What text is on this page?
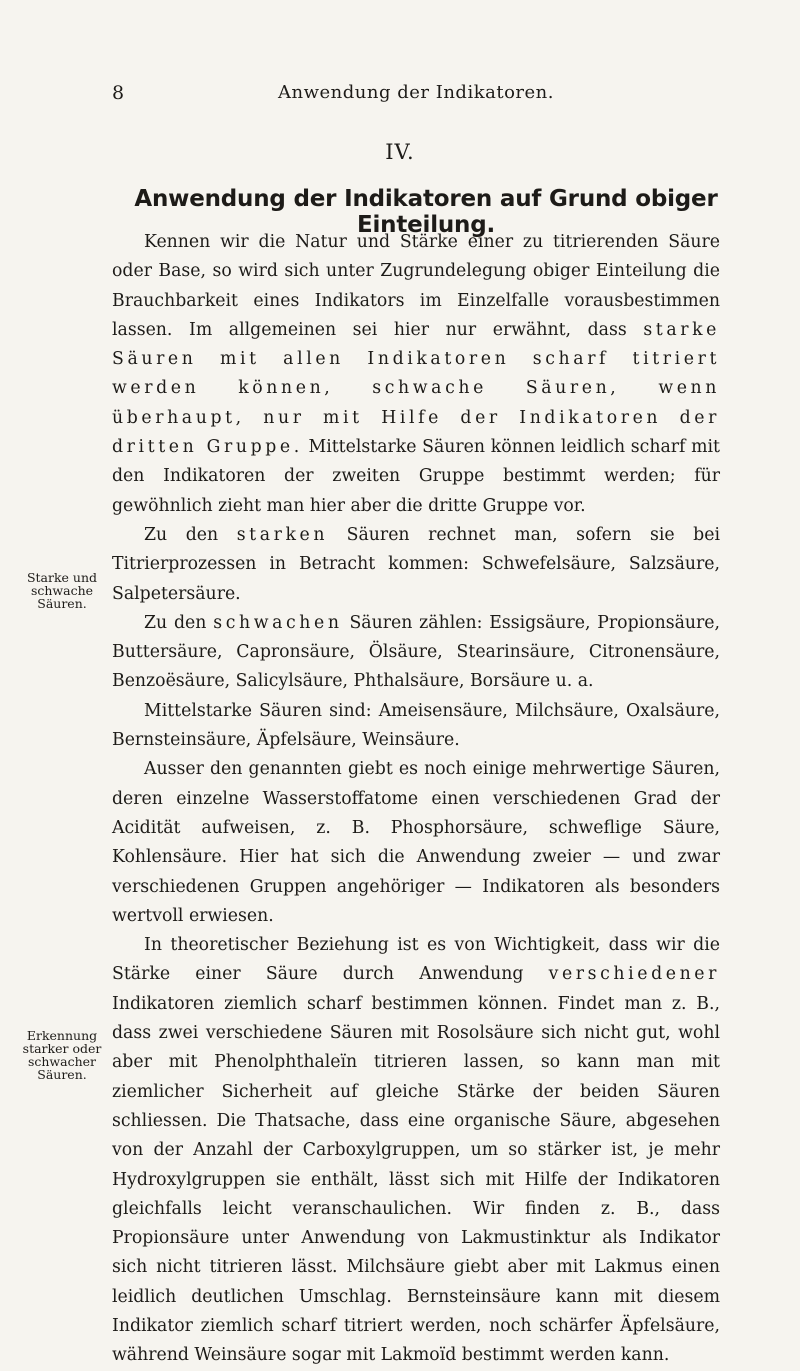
8	Anwendung der Indikatoren.
IV.
Anwendung der Indikatoren auf Grund obiger Einteilung.
Starke und schwache Säuren.
Erkennung starker oder schwacher Säuren.

Kennen wir die Natur und Stärke einer zu titrierenden Säure oder Base, so wird sich unter Zugrundelegung obiger Einteilung die Brauchbarkeit eines Indikators im Einzelfalle vorausbestimmen lassen. Im allgemeinen sei hier nur erwähnt, dass starke Säuren mit allen Indikatoren scharf titriert werden können, schwache Säuren, wenn überhaupt, nur mit Hilfe der Indikatoren der dritten Gruppe. Mittelstarke Säuren können leidlich scharf mit den Indikatoren der zweiten Gruppe bestimmt werden; für gewöhnlich zieht man hier aber die dritte Gruppe vor.

Zu den starken Säuren rechnet man, sofern sie bei Titrierprozessen in Betracht kommen: Schwefelsäure, Salzsäure, Salpetersäure.

Zu den schwachen Säuren zählen: Essigsäure, Propionsäure, Buttersäure, Capronsäure, Ölsäure, Stearinsäure, Citronensäure, Benzoësäure, Salicylsäure, Phthalsäure, Borsäure u. a.

Mittelstarke Säuren sind: Ameisensäure, Milchsäure, Oxalsäure, Bernsteinsäure, Äpfelsäure, Weinsäure.

Ausser den genannten giebt es noch einige mehrwertige Säuren, deren einzelne Wasserstoffatome einen verschiedenen Grad der Acidität aufweisen, z. B. Phosphorsäure, schweflige Säure, Kohlensäure. Hier hat sich die Anwendung zweier — und zwar verschiedenen Gruppen angehöriger — Indikatoren als besonders wertvoll erwiesen.

In theoretischer Beziehung ist es von Wichtigkeit, dass wir die Stärke einer Säure durch Anwendung verschiedener Indikatoren ziemlich scharf bestimmen können. Findet man z. B., dass zwei verschiedene Säuren mit Rosolsäure sich nicht gut, wohl aber mit Phenolphthaleïn titrieren lassen, so kann man mit ziemlicher Sicherheit auf gleiche Stärke der beiden Säuren schliessen. Die Thatsache, dass eine organische Säure, abgesehen von der Anzahl der Carboxylgruppen, um so stärker ist, je mehr Hydroxylgruppen sie enthält, lässt sich mit Hilfe der Indikatoren gleichfalls leicht veranschaulichen. Wir finden z. B., dass Propionsäure unter Anwendung von Lakmustinktur als Indikator sich nicht titrieren lässt. Milchsäure giebt aber mit Lakmus einen leidlich deutlichen Umschlag. Bernsteinsäure kann mit diesem Indikator ziemlich scharf titriert werden, noch schärfer Äpfelsäure, während Weinsäure sogar mit Lakmoïd bestimmt werden kann.
